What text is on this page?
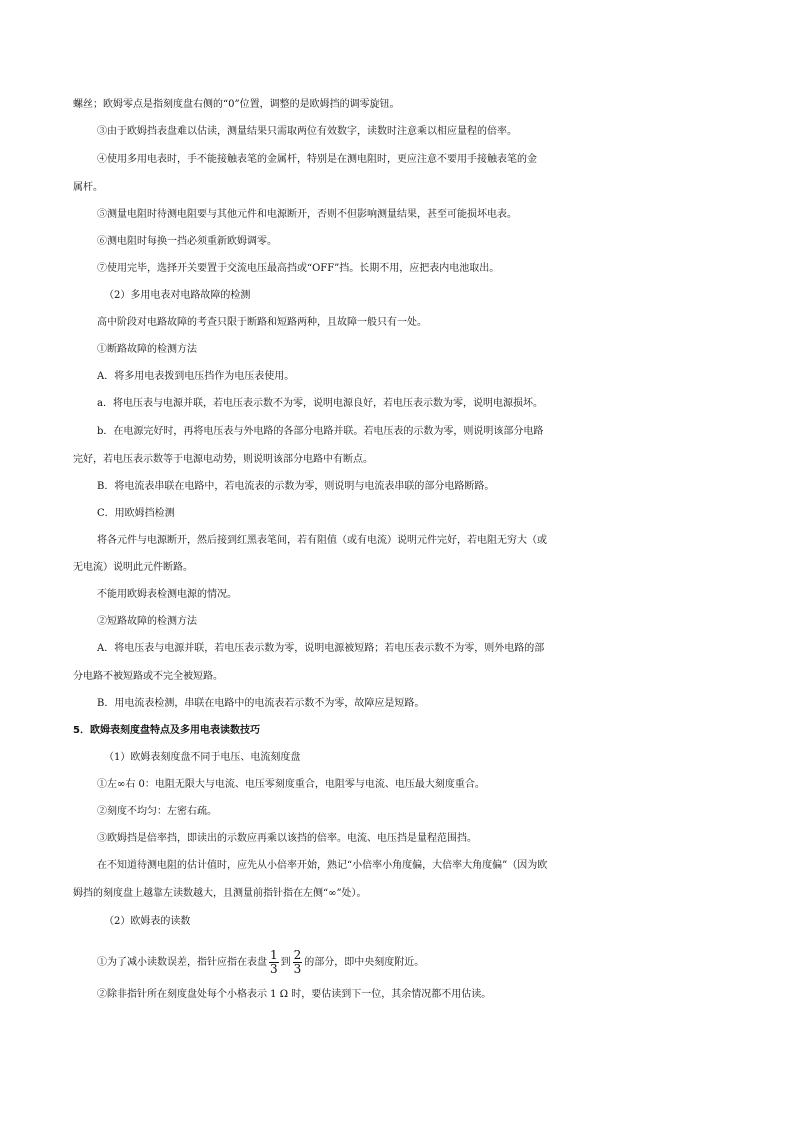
螺丝；欧姆零点是指刻度盘右侧的“0”位置，调整的是欧姆挡的调零旋钮。
③由于欧姆挡表盘难以估读，测量结果只需取两位有效数字，读数时注意乘以相应量程的倍率。
④使用多用电表时，手不能接触表笔的金属杆，特别是在测电阻时，更应注意不要用手接触表笔的金
属杆。
⑤测量电阻时待测电阻要与其他元件和电源断开，否则不但影响测量结果，甚至可能损坏电表。
⑥测电阻时每换一挡必须重新欧姆调零。
⑦使用完毕，选择开关要置于交流电压最高挡或“OFF”挡。长期不用，应把表内电池取出。
（2）多用电表对电路故障的检测
高中阶段对电路故障的考查只限于断路和短路两种，且故障一般只有一处。
①断路故障的检测方法
A．将多用电表拨到电压挡作为电压表使用。
a．将电压表与电源并联，若电压表示数不为零，说明电源良好，若电压表示数为零，说明电源损坏。
b．在电源完好时，再将电压表与外电路的各部分电路并联。若电压表的示数为零，则说明该部分电路
完好，若电压表示数等于电源电动势，则说明该部分电路中有断点。
B．将电流表串联在电路中，若电流表的示数为零，则说明与电流表串联的部分电路断路。
C．用欧姆挡检测
将各元件与电源断开，然后接到红黑表笔间，若有阻值（或有电流）说明元件完好，若电阻无穷大（或
无电流）说明此元件断路。
不能用欧姆表检测电源的情况。
②短路故障的检测方法
A．将电压表与电源并联，若电压表示数为零，说明电源被短路；若电压表示数不为零，则外电路的部
分电路不被短路或不完全被短路。
B．用电流表检测，串联在电路中的电流表若示数不为零，故障应是短路。
5．欧姆表刻度盘特点及多用电表读数技巧
（1）欧姆表刻度盘不同于电压、电流刻度盘
①左∞右 0：电阻无限大与电流、电压零刻度重合，电阻零与电流、电压最大刻度重合。
②刻度不均匀：左密右疏。
③欧姆挡是倍率挡，即读出的示数应再乘以该挡的倍率。电流、电压挡是量程范围挡。
在不知道待测电阻的估计值时，应先从小倍率开始，熟记“小倍率小角度偏，大倍率大角度偏”（因为欧
姆挡的刻度盘上越靠左读数越大，且测量前指针指在左侧“∞”处）。
（2）欧姆表的读数
①为了减小读数误差，指针应指在表盘 $\frac{1}{3}$ 到 $\frac{2}{3}$ 的部分，即中央刻度附近。
②除非指针所在刻度盘处每个小格表示 1 Ω 时，要估读到下一位，其余情况都不用估读。
